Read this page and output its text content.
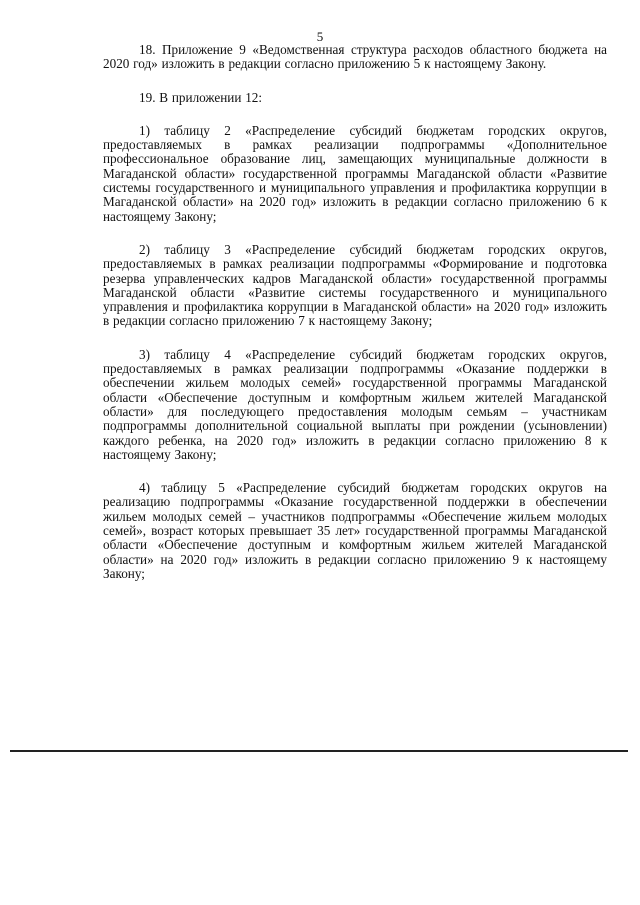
5

18. Приложение 9 «Ведомственная структура расходов областного бюджета на 2020 год» изложить в редакции согласно приложению 5 к настоящему Закону.

19. В приложении 12:

1) таблицу 2 «Распределение субсидий бюджетам городских округов, предоставляемых в рамках реализации подпрограммы «Дополнительное профессиональное образование лиц, замещающих муниципальные должности в Магаданской области» государственной программы Магаданской области «Развитие системы государственного и муниципального управления и профилактика коррупции в Магаданской области» на 2020 год» изложить в редакции согласно приложению 6 к настоящему Закону;

2) таблицу 3 «Распределение субсидий бюджетам городских округов, предоставляемых в рамках реализации подпрограммы «Формирование и подготовка резерва управленческих кадров Магаданской области» государственной программы Магаданской области «Развитие системы государственного и муниципального управления и профилактика коррупции в Магаданской области» на 2020 год» изложить в редакции согласно приложению 7 к настоящему Закону;

3) таблицу 4 «Распределение субсидий бюджетам городских округов, предоставляемых в рамках реализации подпрограммы «Оказание поддержки в обеспечении жильем молодых семей» государственной программы Магаданской области «Обеспечение доступным и комфортным жильем жителей Магаданской области» для последующего предоставления молодым семьям – участникам подпрограммы дополнительной социальной выплаты при рождении (усыновлении) каждого ребенка, на 2020 год» изложить в редакции согласно приложению 8 к настоящему Закону;

4) таблицу 5 «Распределение субсидий бюджетам городских округов на реализацию подпрограммы «Оказание государственной поддержки в обеспечении жильем молодых семей – участников подпрограммы «Обеспечение жильем молодых семей», возраст которых превышает 35 лет» государственной программы Магаданской области «Обеспечение доступным и комфортным жильем жителей Магаданской области» на 2020 год» изложить в редакции согласно приложению 9 к настоящему Закону;
